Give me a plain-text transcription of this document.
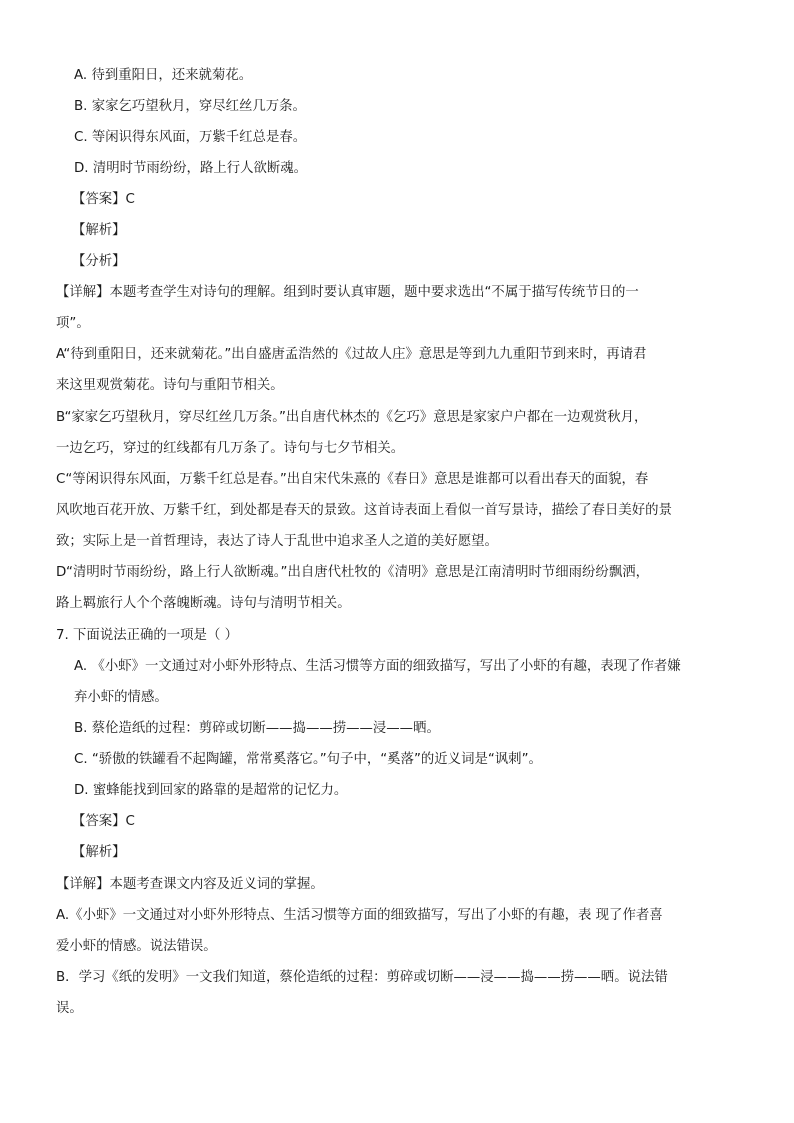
A. 待到重阳日，还来就菊花。
B. 家家乞巧望秋月，穿尽红丝几万条。
C. 等闲识得东风面，万紫千红总是春。
D. 清明时节雨纷纷，路上行人欲断魂。
【答案】C
【解析】
【分析】
【详解】本题考查学生对诗句的理解。组到时要认真审题，题中要求选出“不属于描写传统节日的一
项”。
A“待到重阳日，还来就菊花。”出自盛唐孟浩然的《过故人庄》意思是等到九九重阳节到来时，再请君
来这里观赏菊花。诗句与重阳节相关。
B“家家乞巧望秋月，穿尽红丝几万条。”出自唐代林杰的《乞巧》意思是家家户户都在一边观赏秋月，
一边乞巧，穿过的红线都有几万条了。诗句与七夕节相关。
C“等闲识得东风面，万紫千红总是春。”出自宋代朱熹的《春日》意思是谁都可以看出春天的面貌，春
风吹地百花开放、万紫千红，到处都是春天的景致。这首诗表面上看似一首写景诗，描绘了春日美好的景
致；实际上是一首哲理诗，表达了诗人于乱世中追求圣人之道的美好愿望。
D“清明时节雨纷纷，路上行人欲断魂。”出自唐代杜牧的《清明》意思是江南清明时节细雨纷纷飘洒，
路上羁旅行人个个落魄断魂。诗句与清明节相关。
7. 下面说法正确的一项是（ ）
A. 《小虾》一文通过对小虾外形特点、生活习惯等方面的细致描写，写出了小虾的有趣，表现了作者嫌
弃小虾的情感。
B. 蔡伦造纸的过程：剪碎或切断——捣——捞——浸——晒。
C. “骄傲的铁罐看不起陶罐，常常奚落它。”句子中，“奚落”的近义词是“讽刺”。
D. 蜜蜂能找到回家的路靠的是超常的记忆力。
【答案】C
【解析】
【详解】本题考查课文内容及近义词的掌握。
A.《小虾》一文通过对小虾外形特点、生活习惯等方面的细致描写，写出了小虾的有趣，表 现了作者喜
爱小虾的情感。说法错误。
B．学习《纸的发明》一文我们知道，蔡伦造纸的过程：剪碎或切断——浸——捣——捞——晒。说法错
误。
